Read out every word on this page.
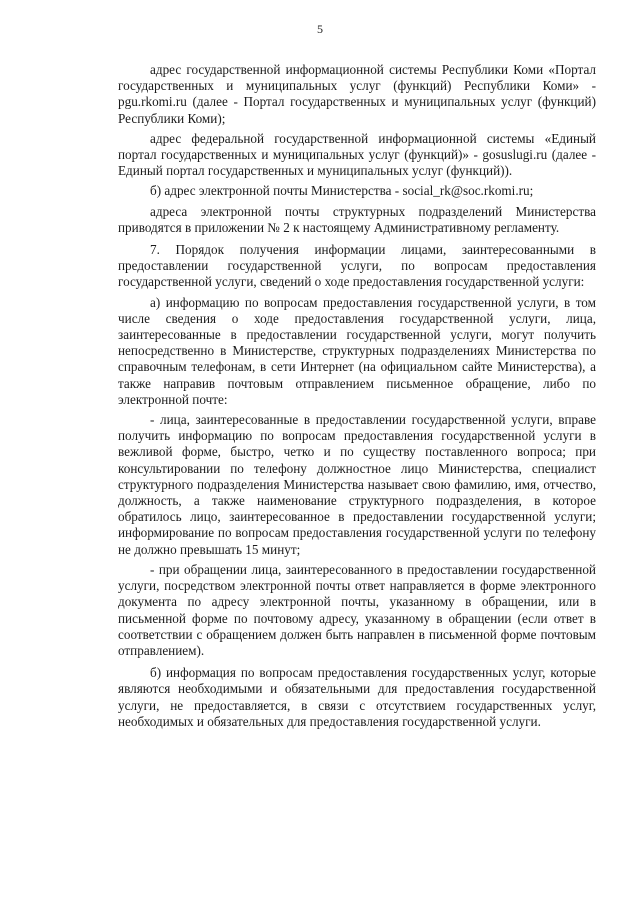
5

адрес государственной информационной системы Республики Коми «Портал государственных и муниципальных услуг (функций) Республики Коми» - pgu.rkomi.ru (далее - Портал государственных и муниципальных услуг (функций) Республики Коми);

адрес федеральной государственной информационной системы «Единый портал государственных и муниципальных услуг (функций)» - gosuslugi.ru (далее - Единый портал государственных и муниципальных услуг (функций)).

б) адрес электронной почты Министерства - social_rk@soc.rkomi.ru;

адреса электронной почты структурных подразделений Министерства приводятся в приложении № 2 к настоящему Административному регламенту.

7. Порядок получения информации лицами, заинтересованными в предоставлении государственной услуги, по вопросам предоставления государственной услуги, сведений о ходе предоставления государственной услуги:

а) информацию по вопросам предоставления государственной услуги, в том числе сведения о ходе предоставления государственной услуги, лица, заинтересованные в предоставлении государственной услуги, могут получить непосредственно в Министерстве, структурных подразделениях Министерства по справочным телефонам, в сети Интернет (на официальном сайте Министерства), а также направив почтовым отправлением письменное обращение, либо по электронной почте:

- лица, заинтересованные в предоставлении государственной услуги, вправе получить информацию по вопросам предоставления государственной услуги в вежливой форме, быстро, четко и по существу поставленного вопроса; при консультировании по телефону должностное лицо Министерства, специалист структурного подразделения Министерства называет свою фамилию, имя, отчество, должность, а также наименование структурного подразделения, в которое обратилось лицо, заинтересованное в предоставлении государственной услуги; информирование по вопросам предоставления государственной услуги по телефону не должно превышать 15 минут;

- при обращении лица, заинтересованного в предоставлении государственной услуги, посредством электронной почты ответ направляется в форме электронного документа по адресу электронной почты, указанному в обращении, или в письменной форме по почтовому адресу, указанному в обращении (если ответ в соответствии с обращением должен быть направлен в письменной форме почтовым отправлением).

б) информация по вопросам предоставления государственных услуг, которые являются необходимыми и обязательными для предоставления государственной услуги, не предоставляется, в связи с отсутствием государственных услуг, необходимых и обязательных для предоставления государственной услуги.
